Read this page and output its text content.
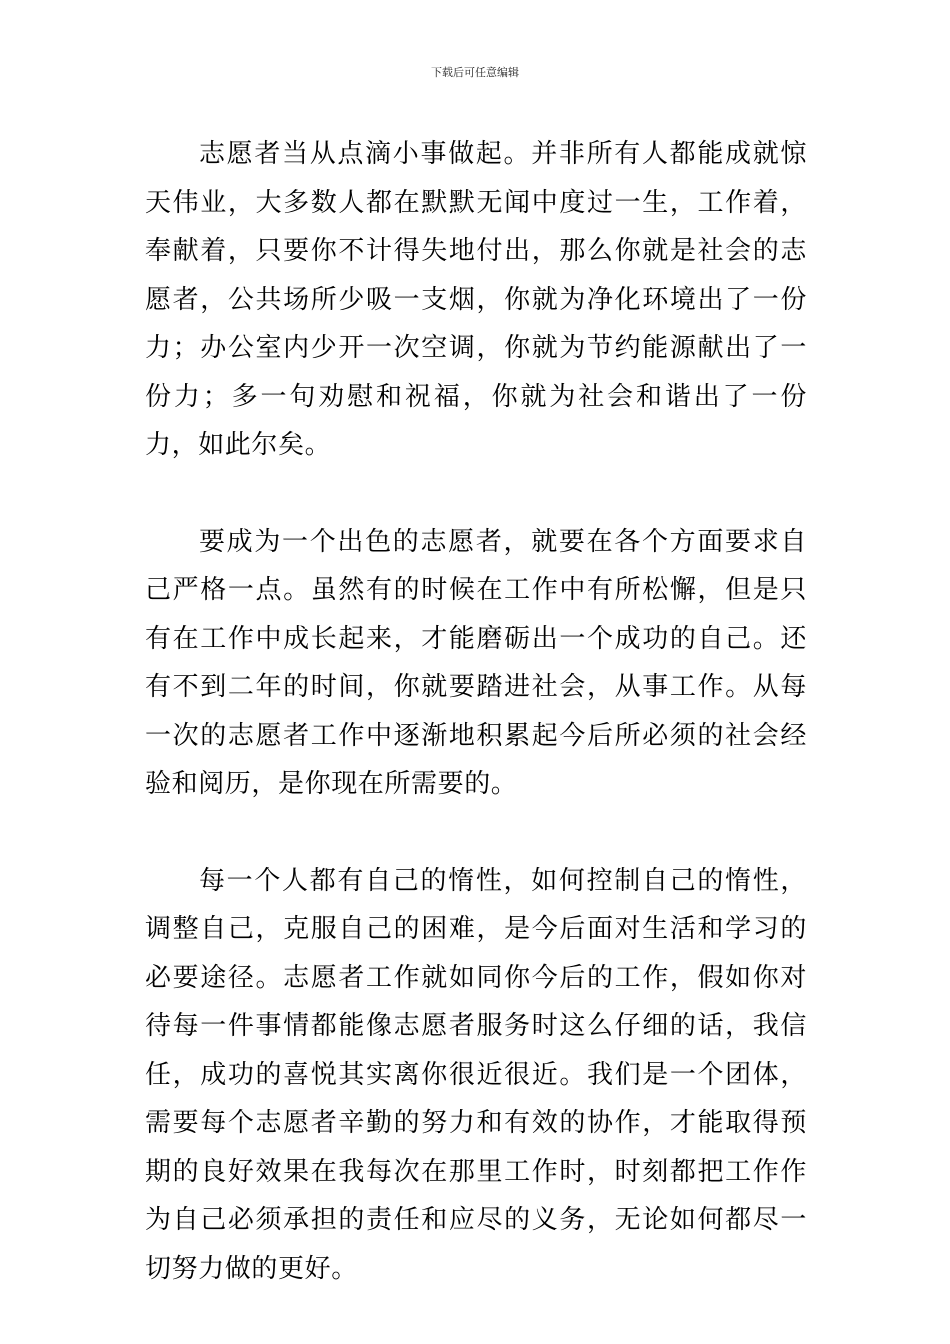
下载后可任意编辑

志愿者当从点滴小事做起。并非所有人都能成就惊天伟业，大多数人都在默默无闻中度过一生，工作着，奉献着，只要你不计得失地付出，那么你就是社会的志愿者，公共场所少吸一支烟，你就为净化环境出了一份力；办公室内少开一次空调，你就为节约能源献出了一份力；多一句劝慰和祝福，你就为社会和谐出了一份力，如此尔矣。

要成为一个出色的志愿者，就要在各个方面要求自己严格一点。虽然有的时候在工作中有所松懈，但是只有在工作中成长起来，才能磨砺出一个成功的自己。还有不到二年的时间，你就要踏进社会，从事工作。从每一次的志愿者工作中逐渐地积累起今后所必须的社会经验和阅历，是你现在所需要的。

每一个人都有自己的惰性，如何控制自己的惰性，调整自己，克服自己的困难，是今后面对生活和学习的必要途径。志愿者工作就如同你今后的工作，假如你对待每一件事情都能像志愿者服务时这么仔细的话，我信任，成功的喜悦其实离你很近很近。我们是一个团体，需要每个志愿者辛勤的努力和有效的协作，才能取得预期的良好效果在我每次在那里工作时，时刻都把工作作为自己必须承担的责任和应尽的义务，无论如何都尽一切努力做的更好。
